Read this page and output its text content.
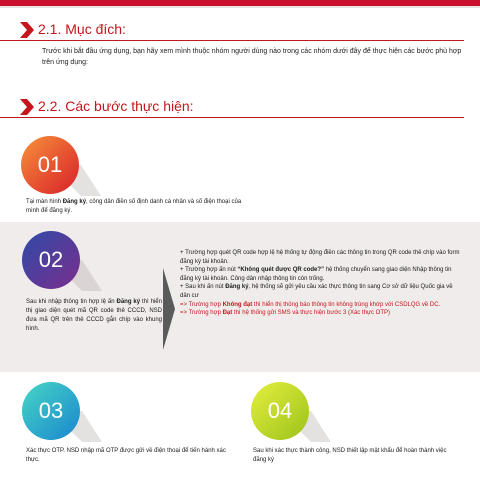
2.1. Mục đích:
Trước khi bắt đầu ứng dụng, bạn hãy xem mình thuộc nhóm người dùng nào trong các nhóm dưới đây để thực hiện các bước phù hợp trên ứng dụng:
2.2. Các bước thực hiện:
01
Tại màn hình Đăng ký, công dân điền số định danh cá nhân và số điện thoại của mình để đăng ký.
02
Sau khi nhập thông tin hợp lệ ấn Đăng ký thì hiển thị giao diện quét mã QR code thẻ CCCD, NSD đưa mã QR trên thẻ CCCD gắn chíp vào khung hình.

+ Trường hợp quét QR code hợp lệ hệ thống tự động điền các thông tin trong QR code thẻ chíp vào form đăng ký tài khoản.

+ Trường hợp ấn nút “Không quét được QR code?” hệ thống chuyển sang giao diện Nhập thông tin đăng ký tài khoản. Công dân nhập thông tin còn trống.

+ Sau khi ấn nút Đăng ký, hệ thống sẽ gửi yêu cầu xác thực thông tin sang Cơ sở dữ liệu Quốc gia về dân cư

=> Trường hợp Không đạt thì hiển thị thông báo thông tin không trùng khớp với CSDLQG về DC.

=> Trường hợp Đạt thì hệ thống gửi SMS và thực hiện bước 3 (Xác thực OTP)

03
Xác thực OTP. NSD nhập mã OTP được gửi về điện thoại để tiến hành xác thực.
04
Sau khi xác thực thành công, NSD thiết lập mật khẩu để hoàn thành việc đăng ký
